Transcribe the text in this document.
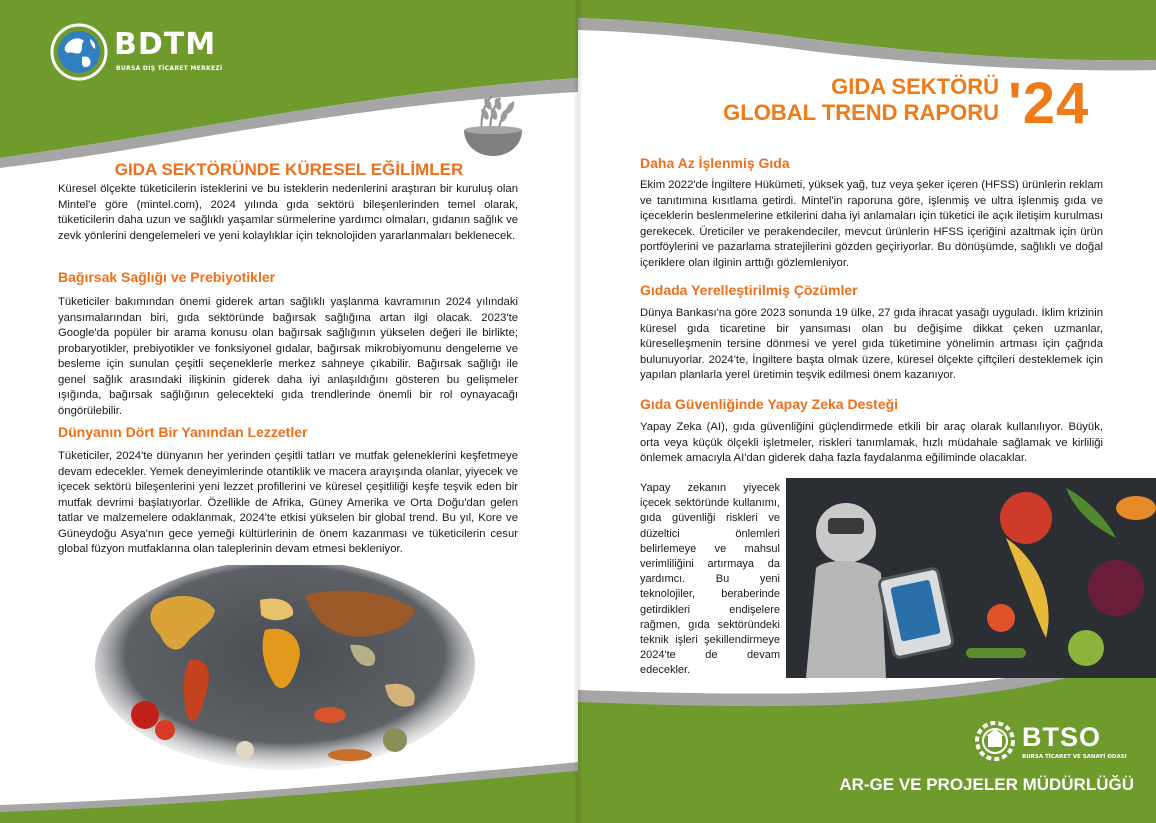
BDTM
BURSA DIŞ TİCARET MERKEZİ
GIDA SEKTÖRÜNDE KÜRESEL EĞİLİMLER
Küresel ölçekte tüketicilerin isteklerini ve bu isteklerin nedenlerini araştıran bir kuruluş olan Mintel'e göre (mintel.com), 2024 yılında gıda sektörü bileşenlerinden temel olarak, tüketicilerin daha uzun ve sağlıklı yaşamlar sürmelerine yardımcı olmaları, gıdanın sağlık ve zevk yönlerini dengelemeleri ve yeni kolaylıklar için teknolojiden yararlanmaları beklenecek.
Bağırsak Sağlığı ve Prebiyotikler
Tüketiciler bakımından önemi giderek artan sağlıklı yaşlanma kavramının 2024 yılındaki yansımalarından biri, gıda sektöründe bağırsak sağlığına artan ilgi olacak. 2023'te Google'da popüler bir arama konusu olan bağırsak sağlığının yükselen değeri ile birlikte; probaryotikler, prebiyotikler ve fonksiyonel gıdalar, bağırsak mikrobiyomunu dengeleme ve besleme için sunulan çeşitli seçeneklerle merkez sahneye çıkabilir. Bağırsak sağlığı ile genel sağlık arasındaki ilişkinin giderek daha iyi anlaşıldığını gösteren bu gelişmeler ışığında, bağırsak sağlığının gelecekteki gıda trendlerinde önemli bir rol oynayacağı öngörülebilir.
Dünyanın Dört Bir Yanından Lezzetler
Tüketiciler, 2024'te dünyanın her yerinden çeşitli tatları ve mutfak geleneklerini keşfetmeye devam edecekler. Yemek deneyimlerinde otantiklik ve macera arayışında olanlar, yiyecek ve içecek sektörü bileşenlerini yeni lezzet profillerini ve küresel çeşitliliği keşfe teşvik eden bir mutfak devrimi başlatıyorlar. Özellikle de Afrika, Güney Amerika ve Orta Doğu'dan gelen tatlar ve malzemelere odaklanmak, 2024'te etkisi yükselen bir global trend. Bu yıl, Kore ve Güneydoğu Asya'nın gece yemeği kültürlerinin de önem kazanması ve tüketicilerin cesur global füzyon mutfaklarına olan taleplerinin devam etmesi bekleniyor.
GIDA SEKTÖRÜ
GLOBAL TREND RAPORU '24
Daha Az İşlenmiş Gıda
Ekim 2022'de İngiltere Hükümeti, yüksek yağ, tuz veya şeker içeren (HFSS) ürünlerin reklam ve tanıtımına kısıtlama getirdi. Mintel'in raporuna göre, işlenmiş ve ultra işlenmiş gıda ve içeceklerin beslenmelerine etkilerini daha iyi anlamaları için tüketici ile açık iletişim kurulması gerekecek. Üreticiler ve perakendeciler, mevcut ürünlerin HFSS içeriğini azaltmak için ürün portföylerini ve pazarlama stratejilerini gözden geçiriyorlar. Bu dönüşümde, sağlıklı ve doğal içeriklere olan ilginin arttığı gözlemleniyor.
Gıdada Yerelleştirilmiş Çözümler
Dünya Bankası'na göre 2023 sonunda 19 ülke, 27 gıda ihracat yasağı uyguladı. İklim krizinin küresel gıda ticaretine bir yansıması olan bu değişime dikkat çeken uzmanlar, küreselleşmenin tersine dönmesi ve yerel gıda tüketimine yönelimin artması için çağrıda bulunuyorlar. 2024'te, İngiltere başta olmak üzere, küresel ölçekte çiftçileri desteklemek için yapılan planlarla yerel üretimin teşvik edilmesi önem kazanıyor.
Gıda Güvenliğinde Yapay Zeka Desteği
Yapay Zeka (AI), gıda güvenliğini güçlendirmede etkili bir araç olarak kullanılıyor. Büyük, orta veya küçük ölçekli işletmeler, riskleri tanımlamak, hızlı müdahale sağlamak ve kirliliği önlemek amacıyla AI'dan giderek daha fazla faydalanma eğiliminde olacaklar.
Yapay zekanın yiyecek içecek sektöründe kullanımı, gıda güvenliği riskleri ve düzeltici önlemleri belirlemeye ve mahsul verimliliğini artırmaya da yardımcı. Bu yeni teknolojiler, beraberinde getirdikleri endişelere rağmen, gıda sektöründeki teknik işleri şekillendirmeye 2024'te de devam edecekler.
BTSO
BURSA TİCARET VE SANAYİ ODASI
AR-GE VE PROJELER MÜDÜRLÜĞÜ
